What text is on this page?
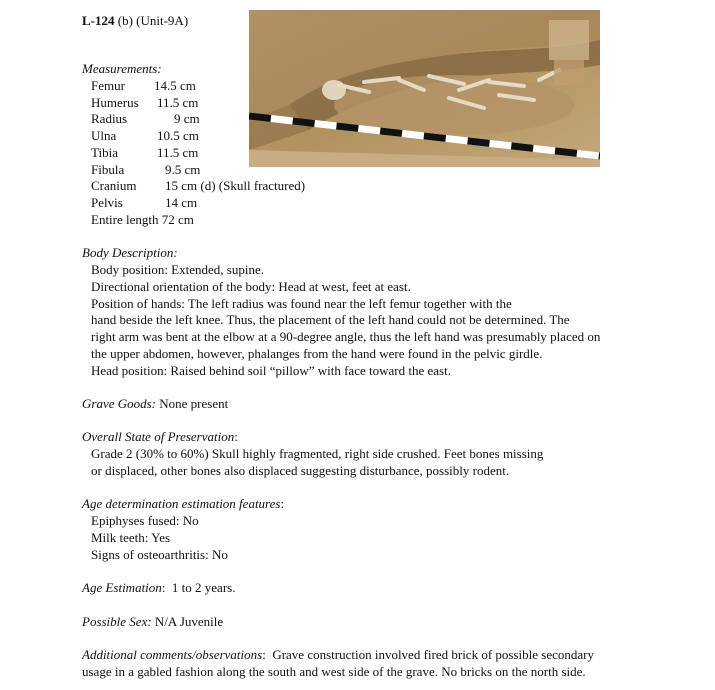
L-124 (b) (Unit-9A)
Measurements:
Femur 14.5 cm
Humerus 11.5 cm
Radius	9 cm
Ulna	10.5 cm
Tibia	11.5 cm
Fibula	9.5 cm
Cranium 15 cm (d) (Skull fractured)
Pelvis	14 cm
Entire length 72 cm
Body Description:
Body position: Extended, supine.
Directional orientation of the body: Head at west, feet at east.
Position of hands: The left radius was found near the left femur together with the
hand beside the left knee. Thus, the placement of the left hand could not be determined. The
right arm was bent at the elbow at a 90-degree angle, thus the left hand was presumably placed on
the upper abdomen, however, phalanges from the hand were found in the pelvic girdle.
Head position: Raised behind soil “pillow” with face toward the east.
Grave Goods: None present
Overall State of Preservation:
Grade 2 (30% to 60%) Skull highly fragmented, right side crushed. Feet bones missing
or displaced, other bones also displaced suggesting disturbance, possibly rodent.
Age determination estimation features:
Epiphyses fused: No
Milk teeth: Yes
Signs of osteoarthritis: No
Age Estimation:  1 to 2 years.
Possible Sex: N/A Juvenile
Additional comments/observations:  Grave construction involved fired brick of possible secondary
usage in a gabled fashion along the south and west side of the grave. No bricks on the north side.
